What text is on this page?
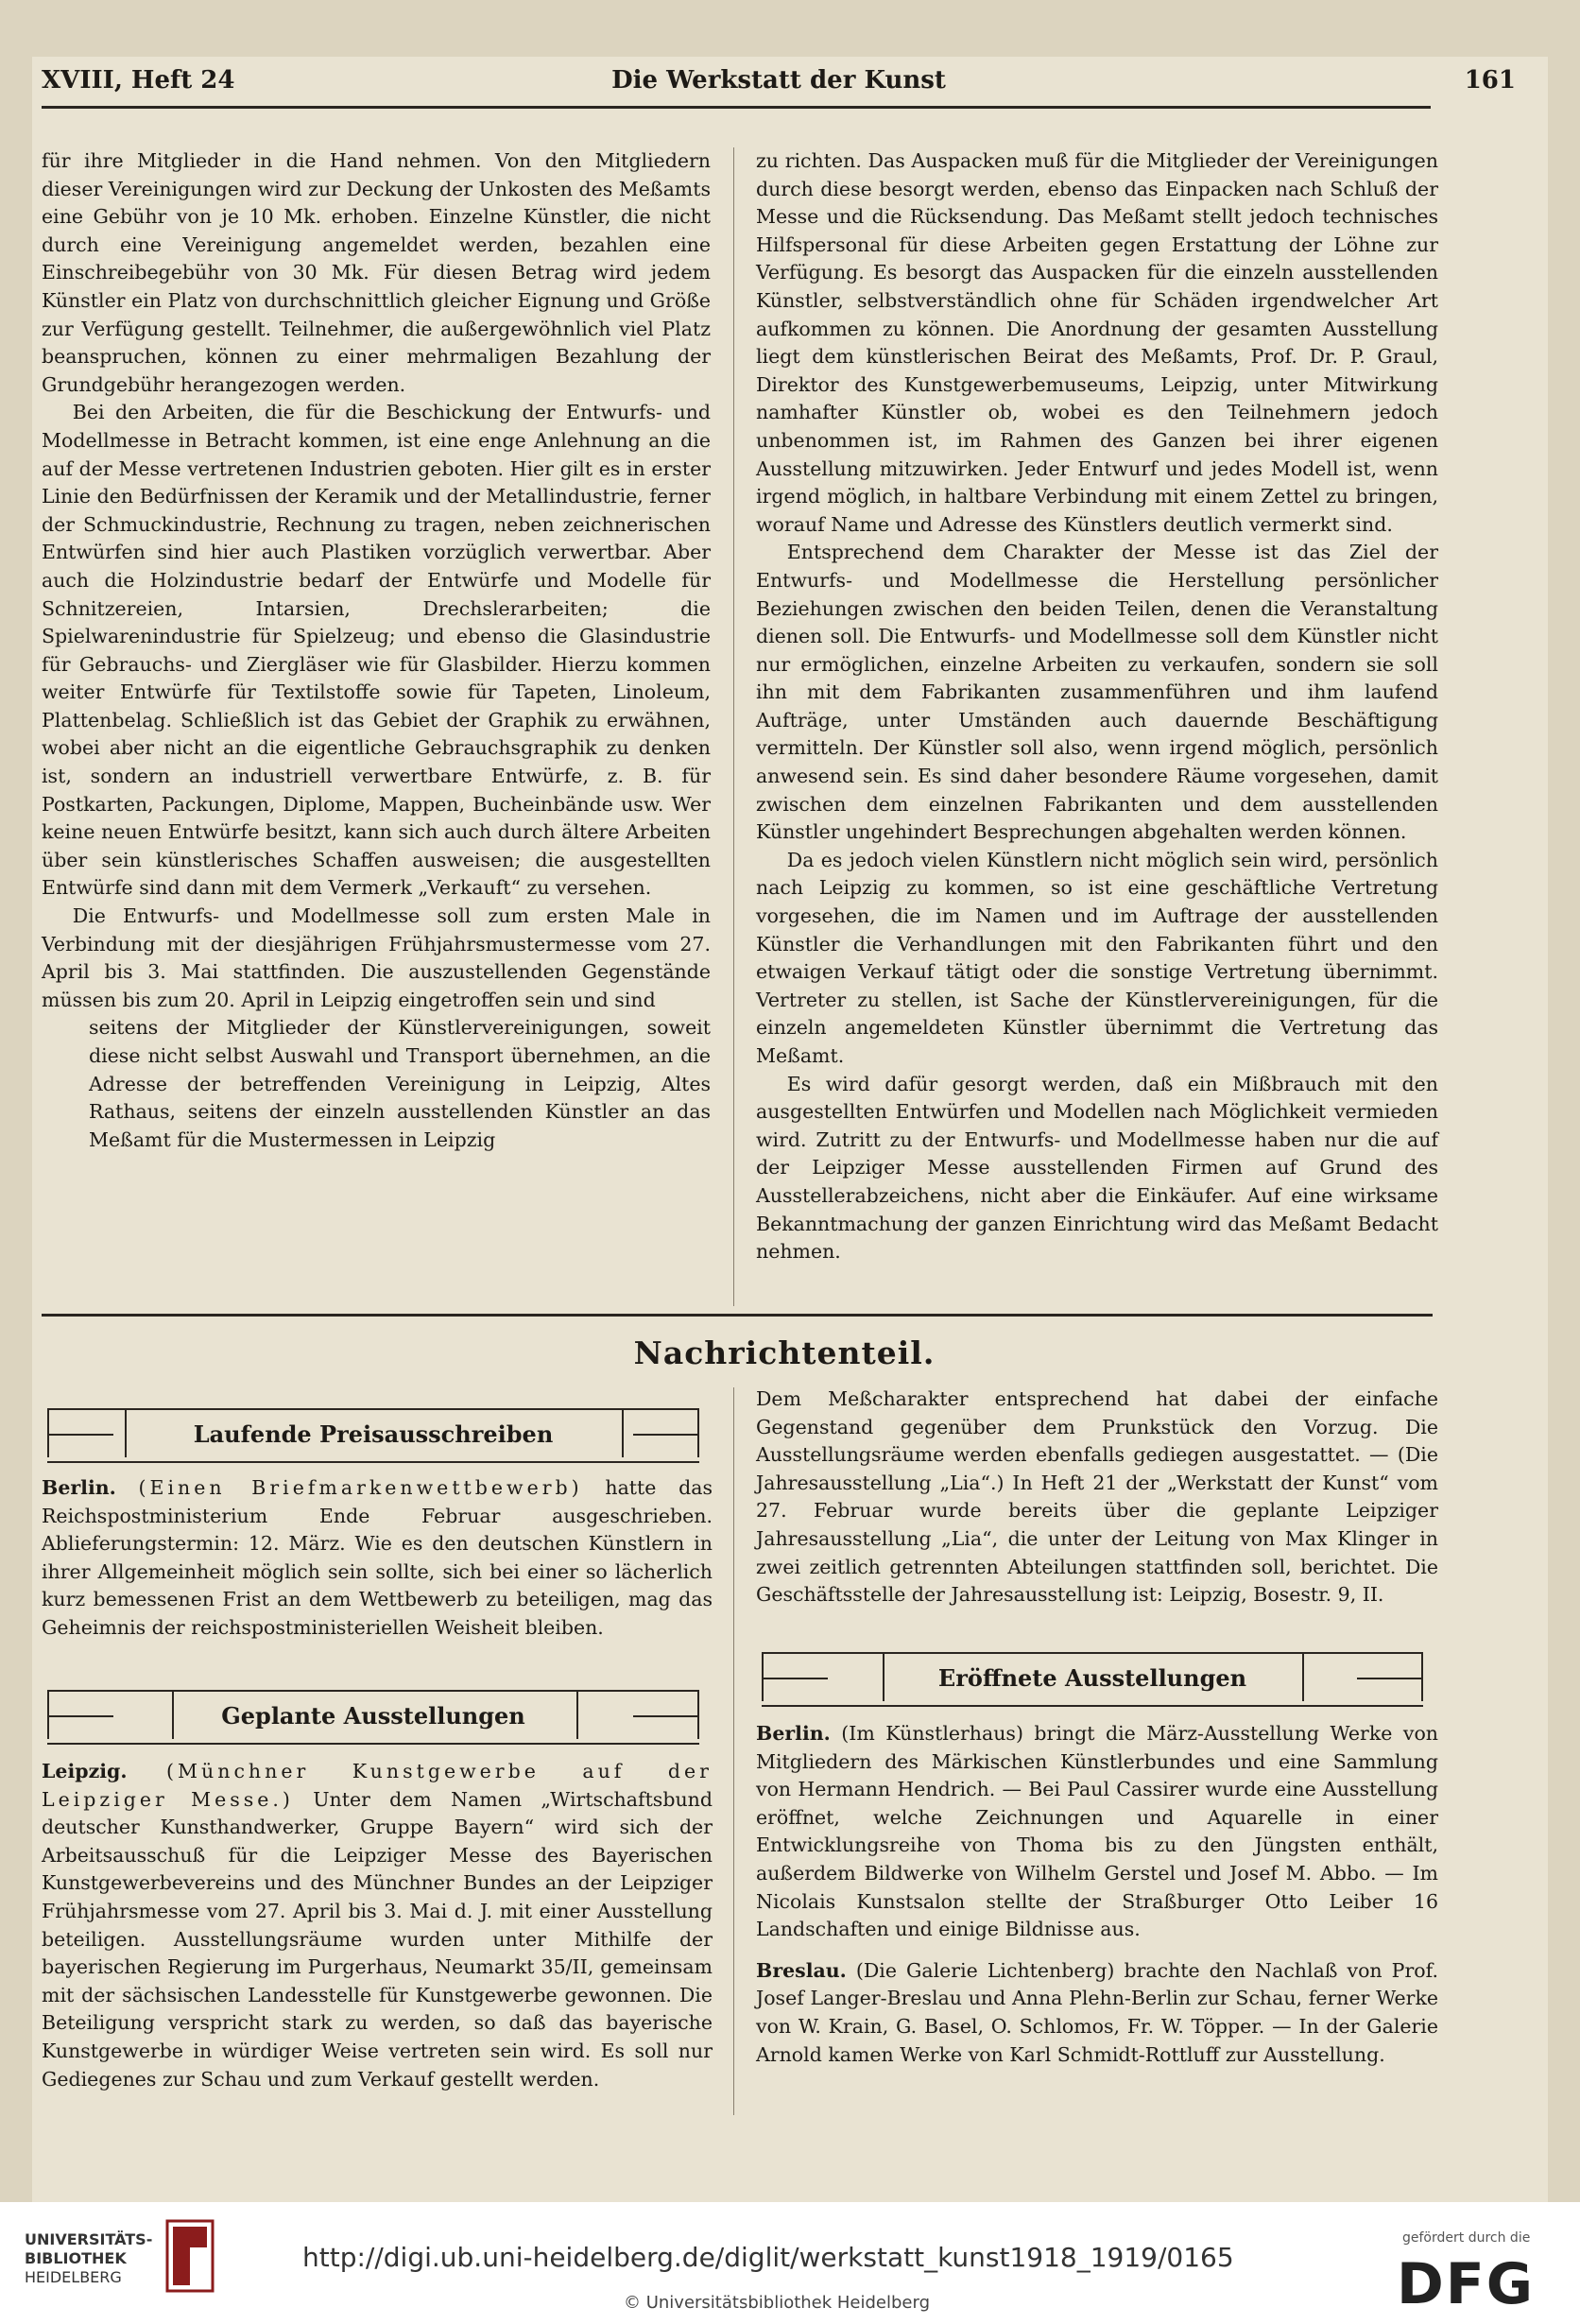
XVIII, Heft 24	Die Werkstatt der Kunst	161

für ihre Mitglieder in die Hand nehmen. Von den Mitgliedern dieser Vereinigungen wird zur Deckung der Unkosten des Meßamts eine Gebühr von je 10 Mk. erhoben. Einzelne Künstler, die nicht durch eine Vereinigung angemeldet werden, bezahlen eine Einschreibegebühr von 30 Mk. Für diesen Betrag wird jedem Künstler ein Platz von durchschnittlich gleicher Eignung und Größe zur Verfügung gestellt. Teilnehmer, die außergewöhnlich viel Platz beanspruchen, können zu einer mehrmaligen Bezahlung der Grundgebühr herangezogen werden.

Bei den Arbeiten, die für die Beschickung der Entwurfs- und Modellmesse in Betracht kommen, ist eine enge Anlehnung an die auf der Messe vertretenen Industrien geboten. Hier gilt es in erster Linie den Bedürfnissen der Keramik und der Metallindustrie, ferner der Schmuckindustrie, Rechnung zu tragen, neben zeichnerischen Entwürfen sind hier auch Plastiken vorzüglich verwertbar. Aber auch die Holzindustrie bedarf der Entwürfe und Modelle für Schnitzereien, Intarsien, Drechslerarbeiten; die Spielwarenindustrie für Spielzeug; und ebenso die Glasindustrie für Gebrauchs- und Ziergläser wie für Glasbilder. Hierzu kommen weiter Entwürfe für Textilstoffe sowie für Tapeten, Linoleum, Plattenbelag. Schließlich ist das Gebiet der Graphik zu erwähnen, wobei aber nicht an die eigentliche Gebrauchsgraphik zu denken ist, sondern an industriell verwertbare Entwürfe, z. B. für Postkarten, Packungen, Diplome, Mappen, Bucheinbände usw. Wer keine neuen Entwürfe besitzt, kann sich auch durch ältere Arbeiten über sein künstlerisches Schaffen ausweisen; die ausgestellten Entwürfe sind dann mit dem Vermerk „Verkauft“ zu versehen.

Die Entwurfs- und Modellmesse soll zum ersten Male in Verbindung mit der diesjährigen Frühjahrsmustermesse vom 27. April bis 3. Mai stattfinden. Die auszustellenden Gegenstände müssen bis zum 20. April in Leipzig eingetroffen sein und sind

seitens der Mitglieder der Künstlervereinigungen, soweit diese nicht selbst Auswahl und Transport übernehmen, an die Adresse der betreffenden Vereinigung in Leipzig, Altes Rathaus, seitens der einzeln ausstellenden Künstler an das Meßamt für die Mustermessen in Leipzig

zu richten. Das Auspacken muß für die Mitglieder der Vereinigungen durch diese besorgt werden, ebenso das Einpacken nach Schluß der Messe und die Rücksendung. Das Meßamt stellt jedoch technisches Hilfspersonal für diese Arbeiten gegen Erstattung der Löhne zur Verfügung. Es besorgt das Auspacken für die einzeln ausstellenden Künstler, selbstverständlich ohne für Schäden irgendwelcher Art aufkommen zu können. Die Anordnung der gesamten Ausstellung liegt dem künstlerischen Beirat des Meßamts, Prof. Dr. P. Graul, Direktor des Kunstgewerbemuseums, Leipzig, unter Mitwirkung namhafter Künstler ob, wobei es den Teilnehmern jedoch unbenommen ist, im Rahmen des Ganzen bei ihrer eigenen Ausstellung mitzuwirken. Jeder Entwurf und jedes Modell ist, wenn irgend möglich, in haltbare Verbindung mit einem Zettel zu bringen, worauf Name und Adresse des Künstlers deutlich vermerkt sind.

Entsprechend dem Charakter der Messe ist das Ziel der Entwurfs- und Modellmesse die Herstellung persönlicher Beziehungen zwischen den beiden Teilen, denen die Veranstaltung dienen soll. Die Entwurfs- und Modellmesse soll dem Künstler nicht nur ermöglichen, einzelne Arbeiten zu verkaufen, sondern sie soll ihn mit dem Fabrikanten zusammenführen und ihm laufend Aufträge, unter Umständen auch dauernde Beschäftigung vermitteln. Der Künstler soll also, wenn irgend möglich, persönlich anwesend sein. Es sind daher besondere Räume vorgesehen, damit zwischen dem einzelnen Fabrikanten und dem ausstellenden Künstler ungehindert Besprechungen abgehalten werden können.

Da es jedoch vielen Künstlern nicht möglich sein wird, persönlich nach Leipzig zu kommen, so ist eine geschäftliche Vertretung vorgesehen, die im Namen und im Auftrage der ausstellenden Künstler die Verhandlungen mit den Fabrikanten führt und den etwaigen Verkauf tätigt oder die sonstige Vertretung übernimmt. Vertreter zu stellen, ist Sache der Künstlervereinigungen, für die einzeln angemeldeten Künstler übernimmt die Vertretung das Meßamt.

Es wird dafür gesorgt werden, daß ein Mißbrauch mit den ausgestellten Entwürfen und Modellen nach Möglichkeit vermieden wird. Zutritt zu der Entwurfs- und Modellmesse haben nur die auf der Leipziger Messe ausstellenden Firmen auf Grund des Ausstellerabzeichens, nicht aber die Einkäufer. Auf eine wirksame Bekanntmachung der ganzen Einrichtung wird das Meßamt Bedacht nehmen.

Nachrichtenteil.
Laufende Preisausschreiben

Berlin. (Einen Briefmarkenwettbewerb) hatte das Reichspostministerium Ende Februar ausgeschrieben. Ablieferungstermin: 12. März. Wie es den deutschen Künstlern in ihrer Allgemeinheit möglich sein sollte, sich bei einer so lächerlich kurz bemessenen Frist an dem Wettbewerb zu beteiligen, mag das Geheimnis der reichspostministeriellen Weisheit bleiben.

Geplante Ausstellungen

Leipzig. (Münchner Kunstgewerbe auf der Leipziger Messe.) Unter dem Namen „Wirtschaftsbund deutscher Kunsthandwerker, Gruppe Bayern“ wird sich der Arbeitsausschuß für die Leipziger Messe des Bayerischen Kunstgewerbevereins und des Münchner Bundes an der Leipziger Frühjahrsmesse vom 27. April bis 3. Mai d. J. mit einer Ausstellung beteiligen. Ausstellungsräume wurden unter Mithilfe der bayerischen Regierung im Purgerhaus, Neumarkt 35/II, gemeinsam mit der sächsischen Landesstelle für Kunstgewerbe gewonnen. Die Beteiligung verspricht stark zu werden, so daß das bayerische Kunstgewerbe in würdiger Weise vertreten sein wird. Es soll nur Gediegenes zur Schau und zum Verkauf gestellt werden.

Dem Meßcharakter entsprechend hat dabei der einfache Gegenstand gegenüber dem Prunkstück den Vorzug. Die Ausstellungsräume werden ebenfalls gediegen ausgestattet. — (Die Jahresausstellung „Lia“.) In Heft 21 der „Werkstatt der Kunst“ vom 27. Februar wurde bereits über die geplante Leipziger Jahresausstellung „Lia“, die unter der Leitung von Max Klinger in zwei zeitlich getrennten Abteilungen stattfinden soll, berichtet. Die Geschäftsstelle der Jahresausstellung ist: Leipzig, Bosestr. 9, II.

Eröffnete Ausstellungen

Berlin. (Im Künstlerhaus) bringt die März-Ausstellung Werke von Mitgliedern des Märkischen Künstlerbundes und eine Sammlung von Hermann Hendrich. — Bei Paul Cassirer wurde eine Ausstellung eröffnet, welche Zeichnungen und Aquarelle in einer Entwicklungsreihe von Thoma bis zu den Jüngsten enthält, außerdem Bildwerke von Wilhelm Gerstel und Josef M. Abbo. — Im Nicolais Kunstsalon stellte der Straßburger Otto Leiber 16 Landschaften und einige Bildnisse aus.

Breslau. (Die Galerie Lichtenberg) brachte den Nachlaß von Prof. Josef Langer-Breslau und Anna Plehn-Berlin zur Schau, ferner Werke von W. Krain, G. Basel, O. Schlomos, Fr. W. Töpper. — In der Galerie Arnold kamen Werke von Karl Schmidt-Rottluff zur Ausstellung.

UNIVERSITÄTS-
BIBLIOTHEK
HEIDELBERG
http://digi.ub.uni-heidelberg.de/diglit/werkstatt_kunst1918_1919/0165
© Universitätsbibliothek Heidelberg
gefördert durch die
DFG
